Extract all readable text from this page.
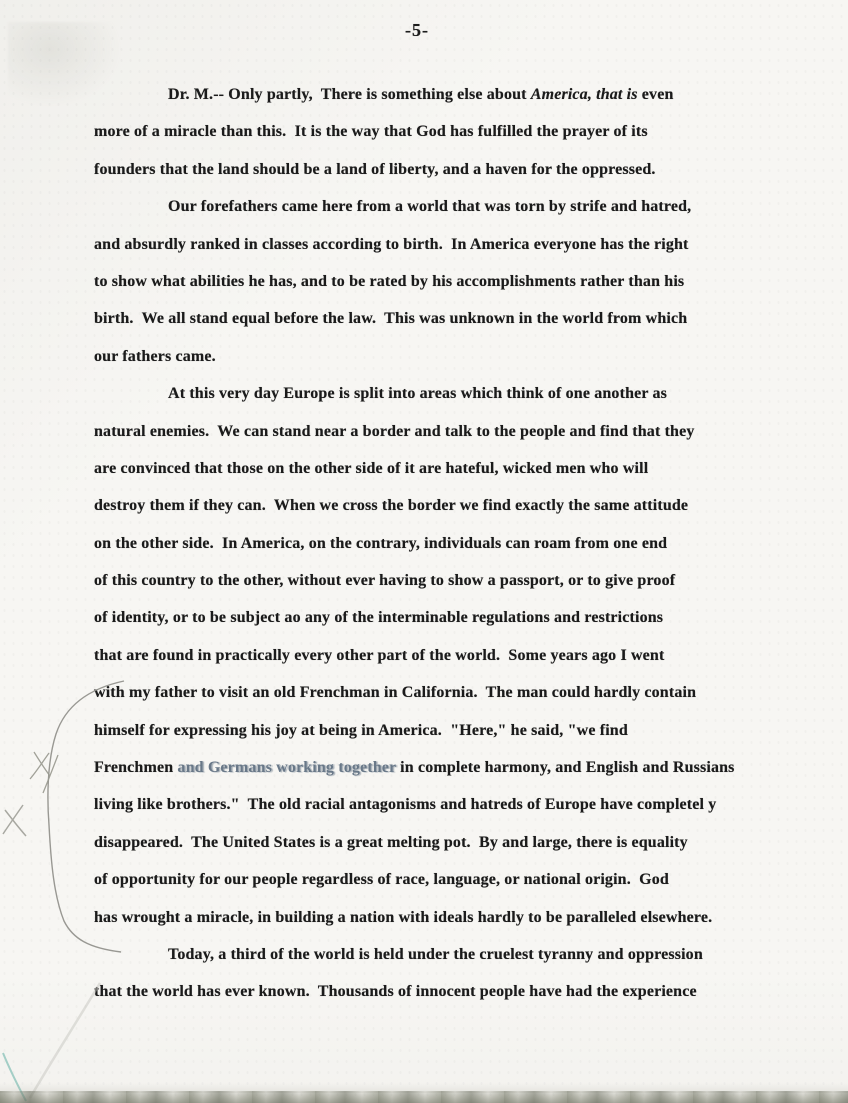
-5-
Dr. M.-- Only partly,  There is something else about America, that is even
more of a miracle than this.  It is the way that God has fulfilled the prayer of its
founders that the land should be a land of liberty, and a haven for the oppressed.
Our forefathers came here from a world that was torn by strife and hatred,
and absurdly ranked in classes according to birth.  In America everyone has the right
to show what abilities he has, and to be rated by his accomplishments rather than his
birth.  We all stand equal before the law.  This was unknown in the world from which
our fathers came.
At this very day Europe is split into areas which think of one another as
natural enemies.  We can stand near a border and talk to the people and find that they
are convinced that those on the other side of it are hateful, wicked men who will
destroy them if they can.  When we cross the border we find exactly the same attitude
on the other side.  In America, on the contrary, individuals can roam from one end
of this country to the other, without ever having to show a passport, or to give proof
of identity, or to be subject ao any of the interminable regulations and restrictions
that are found in practically every other part of the world.  Some years ago I went
with my father to visit an old Frenchman in California.  The man could hardly contain
himself for expressing his joy at being in America.  "Here," he said, "we find
Frenchmen and Germans working together in complete harmony, and English and Russians
living like brothers."  The old racial antagonisms and hatreds of Europe have completel y
disappeared.  The United States is a great melting pot.  By and large, there is equality
of opportunity for our people regardless of race, language, or national origin.  God
has wrought a miracle, in building a nation with ideals hardly to be paralleled elsewhere.
Today, a third of the world is held under the cruelest tyranny and oppression
that the world has ever known.  Thousands of innocent people have had the experience
